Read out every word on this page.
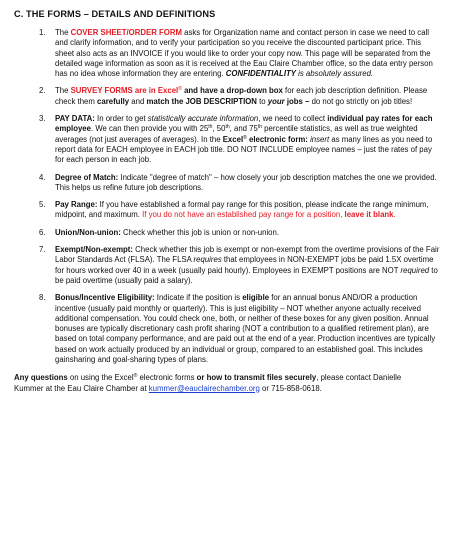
C. THE FORMS – DETAILS AND DEFINITIONS
1.	The COVER SHEET/ORDER FORM asks for Organization name and contact person in case we need to call and clarify information, and to verify your participation so you receive the discounted participant price. This sheet also acts as an INVOICE if you would like to order your copy now. This page will be separated from the detailed wage information as soon as it is received at the Eau Claire Chamber office, so the data entry person has no idea whose information they are entering. CONFIDENTIALITY is absolutely assured.
2.	The SURVEY FORMS are in Excel® and have a drop-down box for each job description definition. Please check them carefully and match the JOB DESCRIPTION to your jobs – do not go strictly on job titles!
3.	PAY DATA: In order to get statistically accurate information, we need to collect individual pay rates for each employee. We can then provide you with 25th, 50th, and 75th percentile statistics, as well as true weighted averages (not just averages of averages). In the Excel® electronic form: insert as many lines as you need to report data for EACH employee in EACH job title. DO NOT INCLUDE employee names – just the rates of pay for each person in each job.
4.	Degree of Match: Indicate "degree of match" – how closely your job description matches the one we provided. This helps us refine future job descriptions.
5.	Pay Range: If you have established a formal pay range for this position, please indicate the range minimum, midpoint, and maximum. If you do not have an established pay range for a position, leave it blank.
6.	Union/Non-union: Check whether this job is union or non-union.
7.	Exempt/Non-exempt: Check whether this job is exempt or non-exempt from the overtime provisions of the Fair Labor Standards Act (FLSA). The FLSA requires that employees in NON-EXEMPT jobs be paid 1.5X overtime for hours worked over 40 in a week (usually paid hourly). Employees in EXEMPT positions are NOT required to be paid overtime (usually paid a salary).
8.	Bonus/Incentive Eligibility: Indicate if the position is eligible for an annual bonus AND/OR a production incentive (usually paid monthly or quarterly). This is just eligibility – NOT whether anyone actually received additional compensation. You could check one, both, or neither of these boxes for any given position. Annual bonuses are typically discretionary cash profit sharing (NOT a contribution to a qualified retirement plan), are based on total company performance, and are paid out at the end of a year. Production incentives are typically based on work actually produced by an individual or group, compared to an established goal. This includes gainsharing and goal-sharing types of plans.
Any questions on using the Excel® electronic forms or how to transmit files securely, please contact Danielle Kummer at the Eau Claire Chamber at kummer@eauclairechamber.org or 715-858-0618.
